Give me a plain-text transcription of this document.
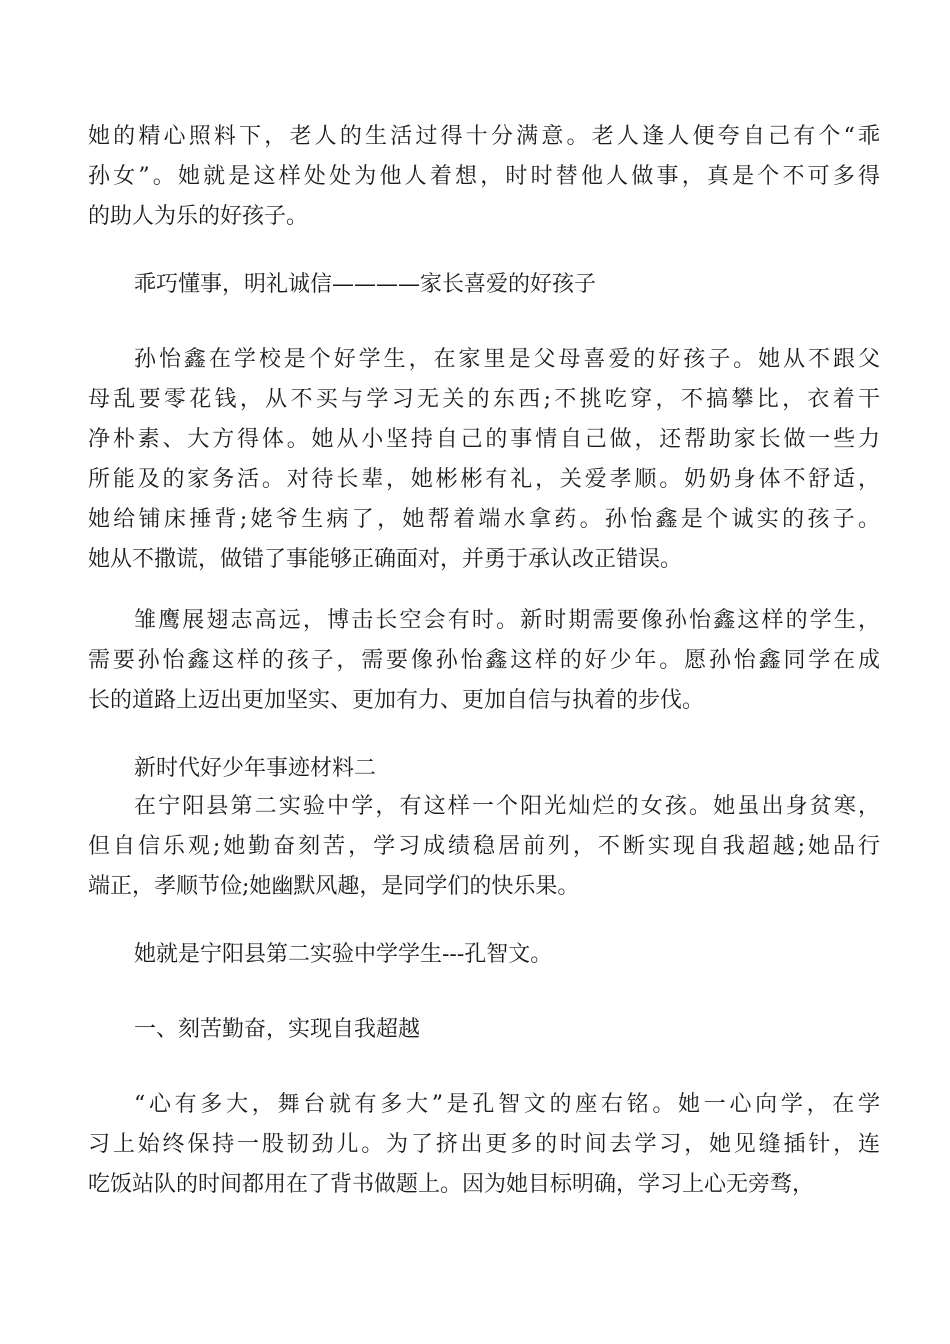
她的精心照料下，老人的生活过得十分满意。老人逢人便夸自己有个“乖
孙女”。她就是这样处处为他人着想，时时替他人做事，真是个不可多得
的助人为乐的好孩子。
乖巧懂事，明礼诚信————家长喜爱的好孩子
孙怡鑫在学校是个好学生，在家里是父母喜爱的好孩子。她从不跟父
母乱要零花钱，从不买与学习无关的东西;不挑吃穿，不搞攀比，衣着干
净朴素、大方得体。她从小坚持自己的事情自己做，还帮助家长做一些力
所能及的家务活。对待长辈，她彬彬有礼，关爱孝顺。奶奶身体不舒适，
她给铺床捶背;姥爷生病了，她帮着端水拿药。孙怡鑫是个诚实的孩子。
她从不撒谎，做错了事能够正确面对，并勇于承认改正错误。
雏鹰展翅志高远，博击长空会有时。新时期需要像孙怡鑫这样的学生，
需要孙怡鑫这样的孩子，需要像孙怡鑫这样的好少年。愿孙怡鑫同学在成
长的道路上迈出更加坚实、更加有力、更加自信与执着的步伐。
新时代好少年事迹材料二
在宁阳县第二实验中学，有这样一个阳光灿烂的女孩。她虽出身贫寒，
但自信乐观;她勤奋刻苦，学习成绩稳居前列，不断实现自我超越;她品行
端正，孝顺节俭;她幽默风趣，是同学们的快乐果。
她就是宁阳县第二实验中学学生---孔智文。
一、刻苦勤奋，实现自我超越
“心有多大，舞台就有多大”是孔智文的座右铭。她一心向学，在学
习上始终保持一股韧劲儿。为了挤出更多的时间去学习，她见缝插针，连
吃饭站队的时间都用在了背书做题上。因为她目标明确，学习上心无旁骛，
